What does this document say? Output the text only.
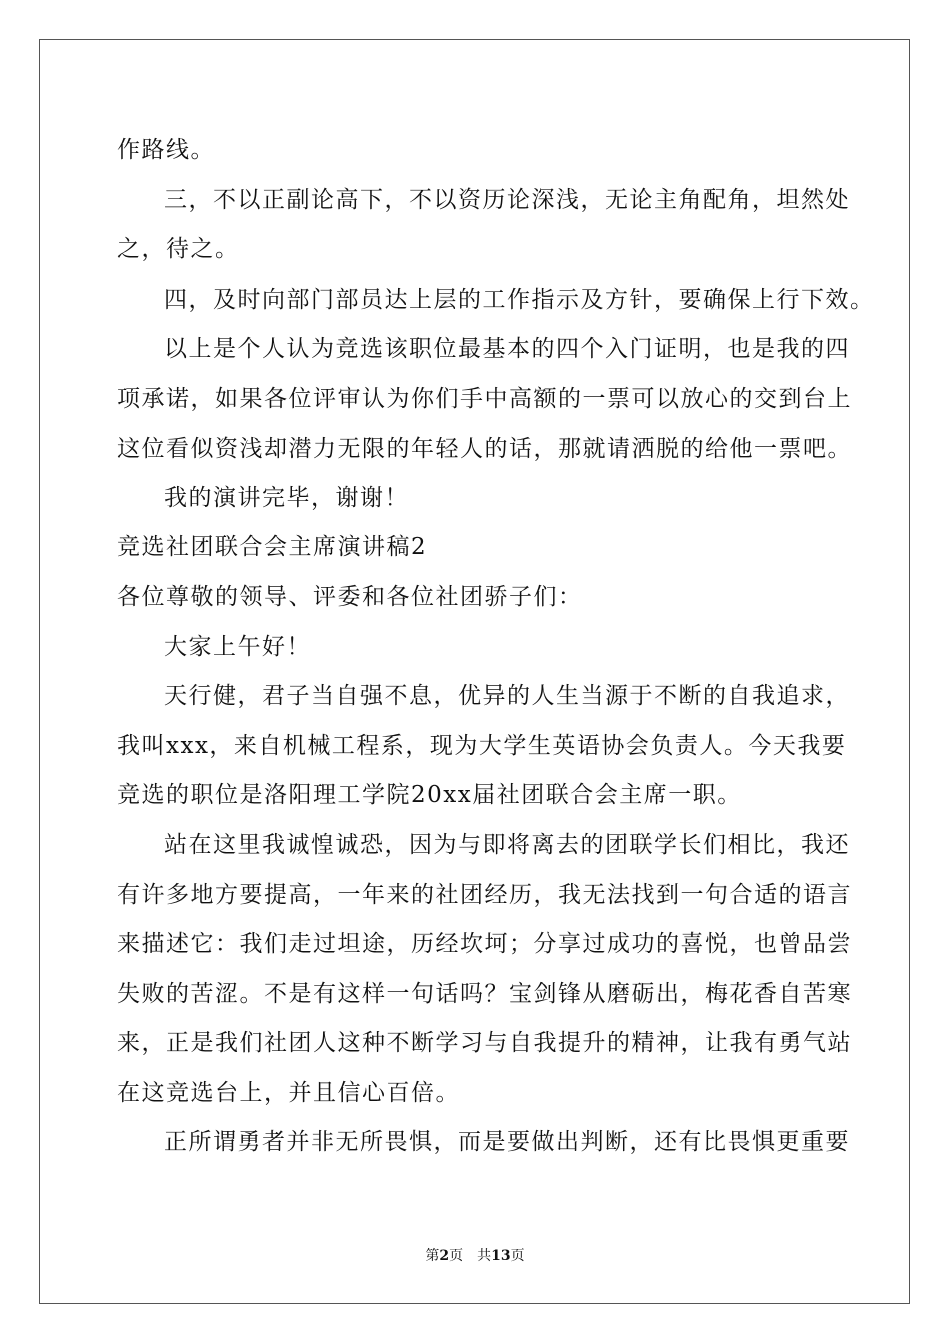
作路线。
三，不以正副论高下，不以资历论深浅，无论主角配角，坦然处
之，待之。
四，及时向部门部员达上层的工作指示及方针，要确保上行下效。
以上是个人认为竞选该职位最基本的四个入门证明，也是我的四
项承诺，如果各位评审认为你们手中高额的一票可以放心的交到台上
这位看似资浅却潜力无限的年轻人的话，那就请洒脱的给他一票吧。
我的演讲完毕，谢谢！
竞选社团联合会主席演讲稿2
各位尊敬的领导、评委和各位社团骄子们：
大家上午好！
天行健，君子当自强不息，优异的人生当源于不断的自我追求，
我叫xxx，来自机械工程系，现为大学生英语协会负责人。今天我要
竞选的职位是洛阳理工学院20xx届社团联合会主席一职。
站在这里我诚惶诚恐，因为与即将离去的团联学长们相比，我还
有许多地方要提高，一年来的社团经历，我无法找到一句合适的语言
来描述它：我们走过坦途，历经坎坷；分享过成功的喜悦，也曾品尝
失败的苦涩。不是有这样一句话吗？宝剑锋从磨砺出，梅花香自苦寒
来，正是我们社团人这种不断学习与自我提升的精神，让我有勇气站
在这竞选台上，并且信心百倍。
正所谓勇者并非无所畏惧，而是要做出判断，还有比畏惧更重要
第2页　共13页
